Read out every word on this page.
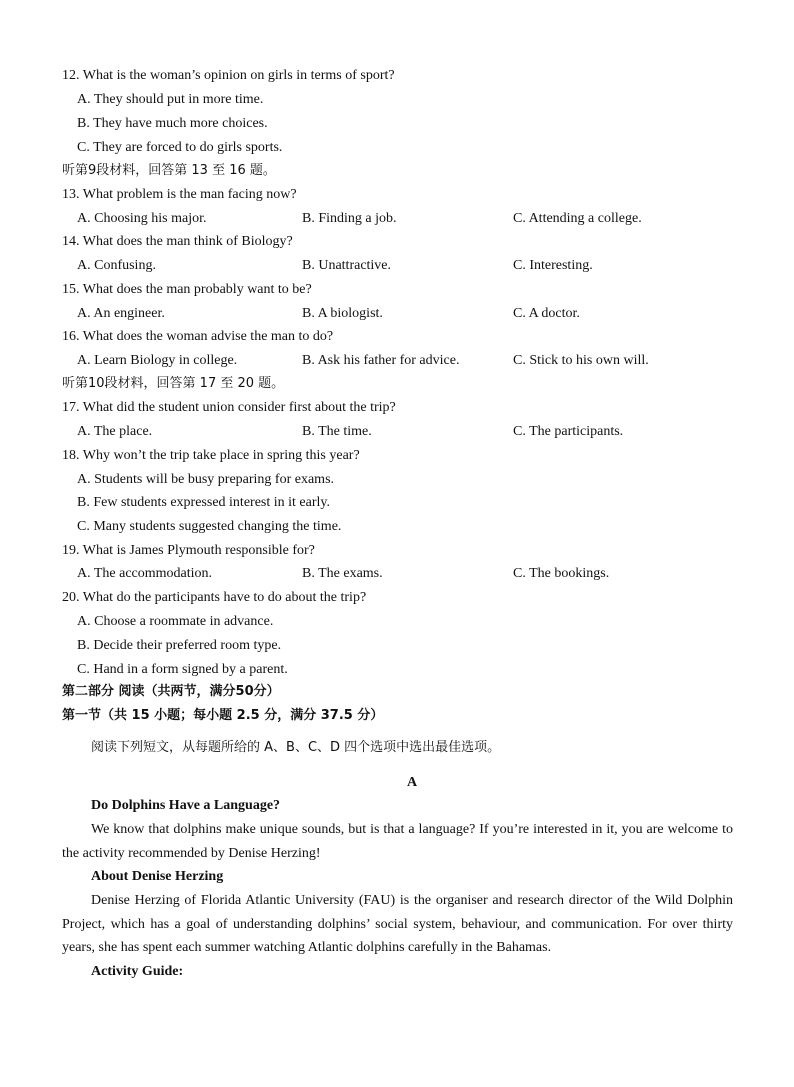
12. What is the woman’s opinion on girls in terms of sport?
A. They should put in more time.
B. They have much more choices.
C. They are forced to do girls sports.
听第9段材料，回答第 13 至 16 题。
13. What problem is the man facing now?
A. Choosing his major.	B. Finding a job.	C. Attending a college.
14. What does the man think of Biology?
A. Confusing.	B. Unattractive.	C. Interesting.
15. What does the man probably want to be?
A. An engineer.	B. A biologist.	C. A doctor.
16. What does the woman advise the man to do?
A. Learn Biology in college.	B. Ask his father for advice.	C. Stick to his own will.
听第10段材料，回答第 17 至 20 题。
17. What did the student union consider first about the trip?
A. The place.	B. The time.	C. The participants.
18. Why won’t the trip take place in spring this year?
A. Students will be busy preparing for exams.
B. Few students expressed interest in it early.
C. Many students suggested changing the time.
19. What is James Plymouth responsible for?
A. The accommodation.	B. The exams.	C. The bookings.
20. What do the participants have to do about the trip?
A. Choose a roommate in advance.
B. Decide their preferred room type.
C. Hand in a form signed by a parent.
第二部分 阅读（共两节，满分50分）
第一节（共 15 小题；每小题 2.5 分，满分 37.5 分）
阅读下列短文，从每题所给的 A、B、C、D 四个选项中选出最佳选项。
A
Do Dolphins Have a Language?
We know that dolphins make unique sounds, but is that a language? If you’re interested in it, you are welcome to the activity recommended by Denise Herzing!
About Denise Herzing
Denise Herzing of Florida Atlantic University (FAU) is the organiser and research director of the Wild Dolphin Project, which has a goal of understanding dolphins’ social system, behaviour, and communication. For over thirty years, she has spent each summer watching Atlantic dolphins carefully in the Bahamas.
Activity Guide:
